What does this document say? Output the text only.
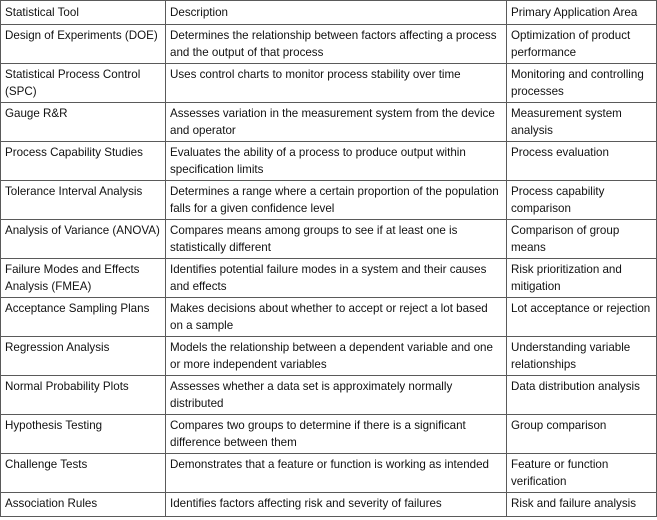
Statistical Tool	Description	Primary Application Area
Design of Experiments (DOE)	Determines the relationship between factors affecting a process and the output of that process	Optimization of product performance
Statistical Process Control (SPC)	Uses control charts to monitor process stability over time	Monitoring and controlling processes
Gauge R&R	Assesses variation in the measurement system from the device and operator	Measurement system analysis
Process Capability Studies	Evaluates the ability of a process to produce output within specification limits	Process evaluation
Tolerance Interval Analysis	Determines a range where a certain proportion of the population falls for a given confidence level	Process capability comparison
Analysis of Variance (ANOVA)	Compares means among groups to see if at least one is statistically different	Comparison of group means
Failure Modes and Effects Analysis (FMEA)	Identifies potential failure modes in a system and their causes and effects	Risk prioritization and mitigation
Acceptance Sampling Plans	Makes decisions about whether to accept or reject a lot based on a sample	Lot acceptance or rejection
Regression Analysis	Models the relationship between a dependent variable and one or more independent variables	Understanding variable relationships
Normal Probability Plots	Assesses whether a data set is approximately normally distributed	Data distribution analysis
Hypothesis Testing	Compares two groups to determine if there is a significant difference between them	Group comparison
Challenge Tests	Demonstrates that a feature or function is working as intended	Feature or function verification
Association Rules	Identifies factors affecting risk and severity of failures	Risk and failure analysis
